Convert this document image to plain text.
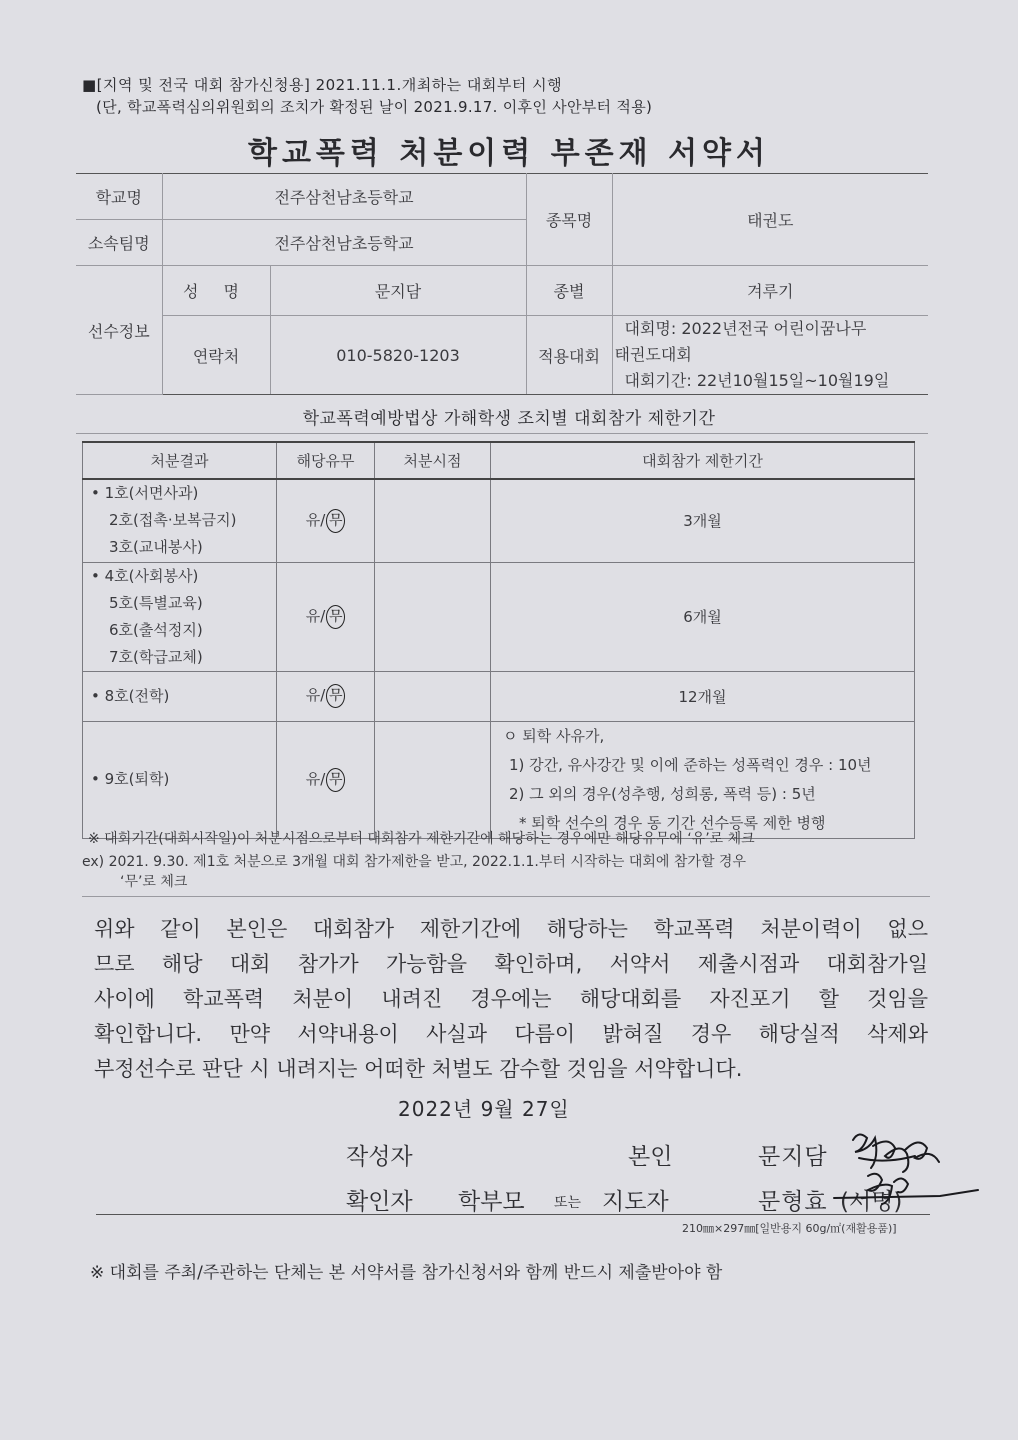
■[지역 및 전국 대회 참가신청용] 2021.11.1.개최하는 대회부터 시행
(단, 학교폭력심의위원회의 조치가 확정된 날이 2021.9.17. 이후인 사안부터 적용)
학교폭력 처분이력 부존재 서약서
학교명	전주삼천남초등학교		종목명	태권도
소속팀명	전주삼천남초등학교			
선수정보	성 명	문지담	종별	겨루기
	연락처	010-5820-1203	적용대회	대회명: 2022년전국 어린이꿈나무
태권도대회
대회기간: 22년10월15일~10월19일
학교폭력예방법상 가해학생 조치별 대회참가 제한기간
처분결과	해당유무	처분시점	대회참가 제한기간

• 1호(서면사과)
2호(접촉·보복금지)
3호(교내봉사)	유/ 무		3개월

• 4호(사회봉사)
5호(특별교육)
6호(출석정지)
7호(학급교체)	유/ 무		6개월

• 8호(전학)	유/ 무		12개월

• 9호(퇴학)	유/ 무		ㅇ 퇴학 사유가,
1) 강간, 유사강간 및 이에 준하는 성폭력인 경우 : 10년
2) 그 외의 경우(성추행, 성희롱, 폭력 등) : 5년
* 퇴학 선수의 경우 동 기간 선수등록 제한 병행
※ 대회기간(대회시작일)이 처분시점으로부터 대회참가 제한기간에 해당하는 경우에만 해당유무에 ‘유’로 체크
ex) 2021. 9.30. 제1호 처분으로 3개월 대회 참가제한을 받고, 2022.1.1.부터 시작하는 대회에 참가할 경우
‘무’로 체크
위와 같이 본인은 대회참가 제한기간에 해당하는 학교폭력 처분이력이 없으
므로 해당 대회 참가가 가능함을 확인하며, 서약서 제출시점과 대회참가일
사이에 학교폭력 처분이 내려진 경우에는 해당대회를 자진포기 할 것임을
확인합니다. 만약 서약내용이 사실과 다름이 밝혀질 경우 해당실적 삭제와
부정선수로 판단 시 내려지는 어떠한 처벌도 감수할 것임을 서약합니다.
2022년 9월 27일
작성자	본인	문지담
확인자 학부모 또는 지도자	문형효 (서명)
210㎜×297㎜[일반용지 60g/㎡(재활용품)]
※ 대회를 주최/주관하는 단체는 본 서약서를 참가신청서와 함께 반드시 제출받아야 함
